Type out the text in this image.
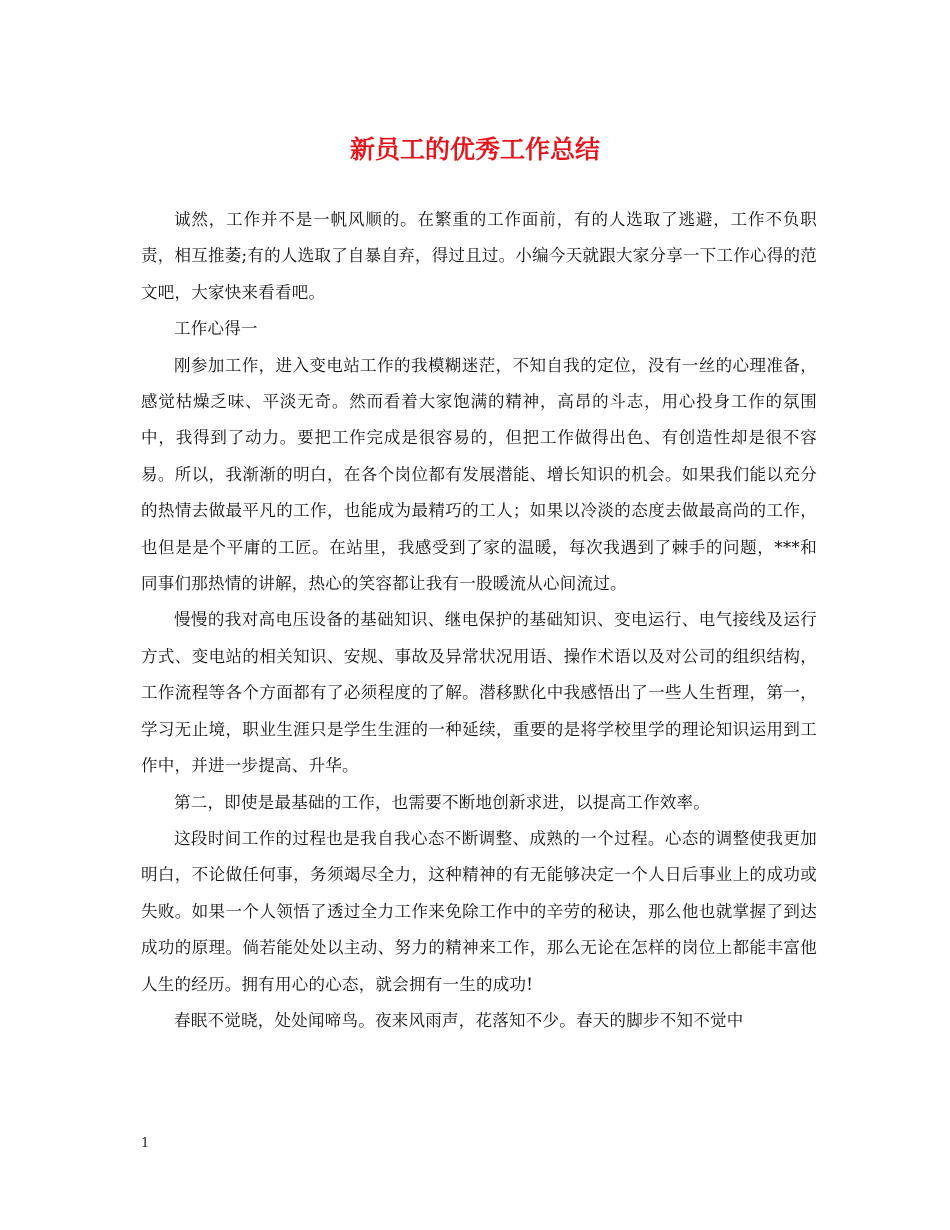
新员工的优秀工作总结

诚然，工作并不是一帆风顺的。在繁重的工作面前，有的人选取了逃避，工作不负职责，相互推萎;有的人选取了自暴自弃，得过且过。小编今天就跟大家分享一下工作心得的范文吧，大家快来看看吧。

工作心得一

刚参加工作，进入变电站工作的我模糊迷茫，不知自我的定位，没有一丝的心理准备，感觉枯燥乏味、平淡无奇。然而看着大家饱满的精神，高昂的斗志，用心投身工作的氛围中，我得到了动力。要把工作完成是很容易的，但把工作做得出色、有创造性却是很不容易。所以，我渐渐的明白，在各个岗位都有发展潜能、增长知识的机会。如果我们能以充分的热情去做最平凡的工作，也能成为最精巧的工人；如果以冷淡的态度去做最高尚的工作，也但是是个平庸的工匠。在站里，我感受到了家的温暖，每次我遇到了棘手的问题，***和同事们那热情的讲解，热心的笑容都让我有一股暖流从心间流过。

慢慢的我对高电压设备的基础知识、继电保护的基础知识、变电运行、电气接线及运行方式、变电站的相关知识、安规、事故及异常状况用语、操作术语以及对公司的组织结构，工作流程等各个方面都有了必须程度的了解。潜移默化中我感悟出了一些人生哲理，第一，学习无止境，职业生涯只是学生生涯的一种延续，重要的是将学校里学的理论知识运用到工作中，并进一步提高、升华。

第二，即使是最基础的工作，也需要不断地创新求进，以提高工作效率。

这段时间工作的过程也是我自我心态不断调整、成熟的一个过程。心态的调整使我更加明白，不论做任何事，务须竭尽全力，这种精神的有无能够决定一个人日后事业上的成功或失败。如果一个人领悟了透过全力工作来免除工作中的辛劳的秘诀，那么他也就掌握了到达成功的原理。倘若能处处以主动、努力的精神来工作，那么无论在怎样的岗位上都能丰富他人生的经历。拥有用心的心态，就会拥有一生的成功!

春眠不觉晓，处处闻啼鸟。夜来风雨声，花落知不少。春天的脚步不知不觉中

1
